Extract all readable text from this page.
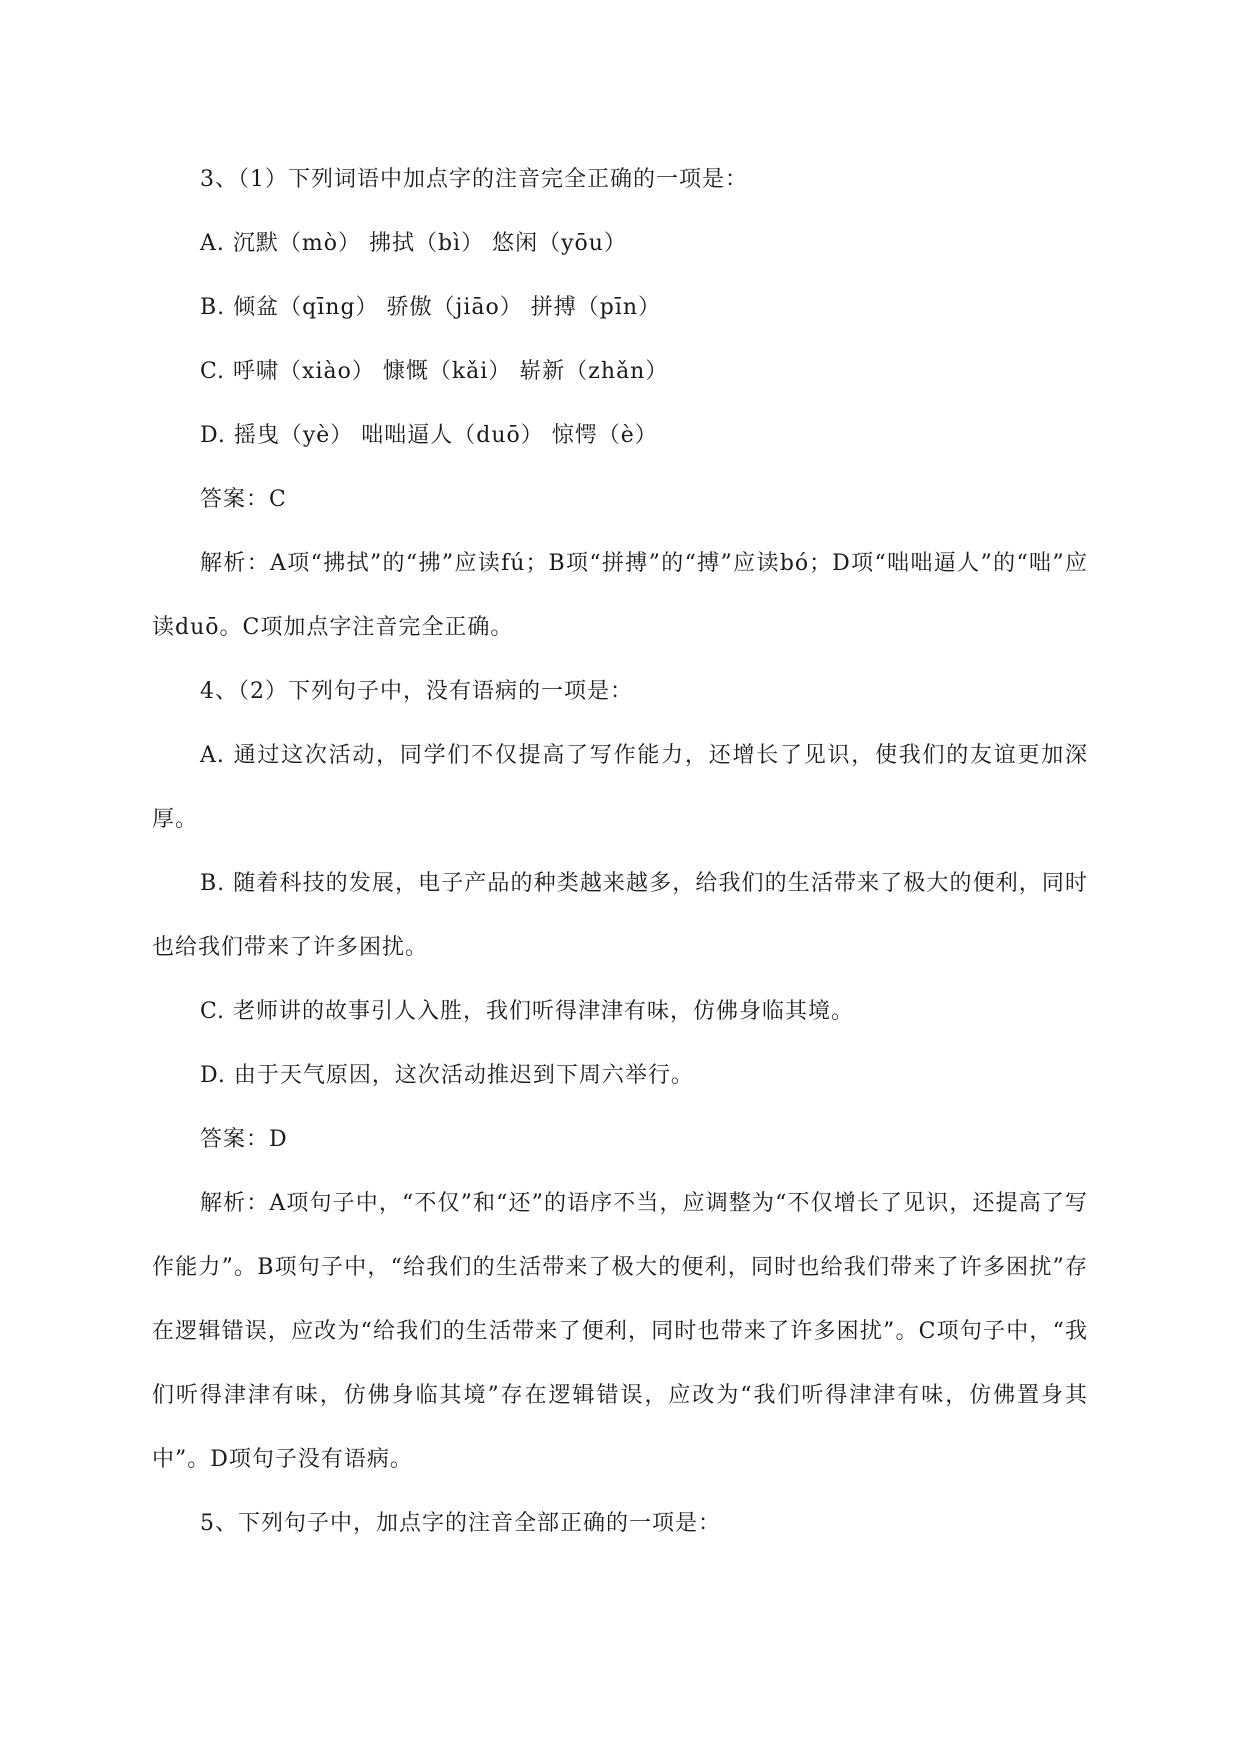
3、（1）下列词语中加点字的注音完全正确的一项是：

A. 沉默（mò） 拂拭（bì） 悠闲（yōu）

B. 倾盆（qīng） 骄傲（jiāo） 拼搏（pīn）

C. 呼啸（xiào） 慷慨（kǎi） 崭新（zhǎn）

D. 摇曳（yè） 咄咄逼人（duō） 惊愕（è）

答案：C

解析：A项“拂拭”的“拂”应读fú；B项“拼搏”的“搏”应读bó；D项“咄咄逼人”的“咄”应读duō。C项加点字注音完全正确。

4、（2）下列句子中，没有语病的一项是：

A. 通过这次活动，同学们不仅提高了写作能力，还增长了见识，使我们的友谊更加深厚。

B. 随着科技的发展，电子产品的种类越来越多，给我们的生活带来了极大的便利，同时也给我们带来了许多困扰。

C. 老师讲的故事引人入胜，我们听得津津有味，仿佛身临其境。

D. 由于天气原因，这次活动推迟到下周六举行。

答案：D

解析：A项句子中，“不仅”和“还”的语序不当，应调整为“不仅增长了见识，还提高了写作能力”。B项句子中，“给我们的生活带来了极大的便利，同时也给我们带来了许多困扰”存在逻辑错误，应改为“给我们的生活带来了便利，同时也带来了许多困扰”。C项句子中，“我们听得津津有味，仿佛身临其境”存在逻辑错误，应改为“我们听得津津有味，仿佛置身其中”。D项句子没有语病。

5、下列句子中，加点字的注音全部正确的一项是：
